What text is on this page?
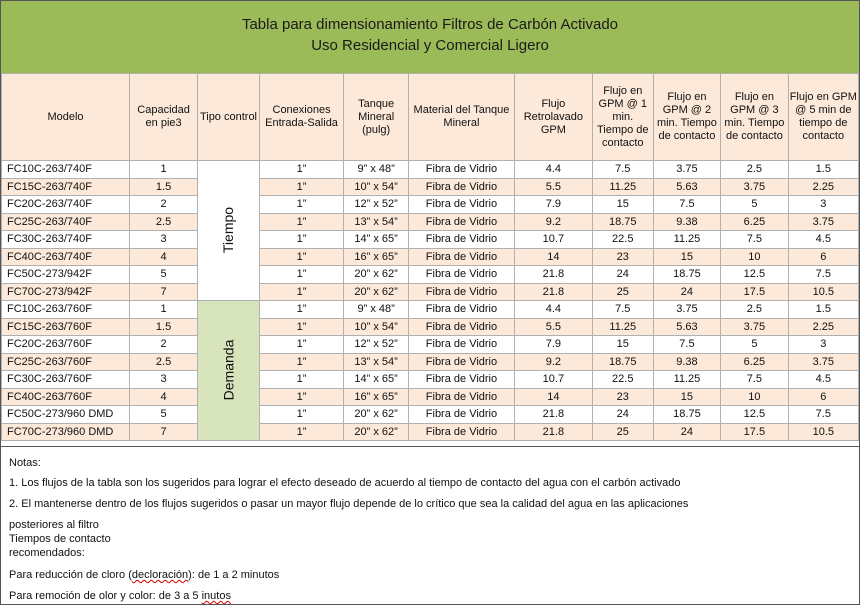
Tabla para dimensionamiento Filtros de Carbón Activado
Uso Residencial y Comercial Ligero
Modelo	Capacidad en pie3	Tipo control	Conexiones Entrada-Salida	Tanque Mineral (pulg)	Material del Tanque Mineral	Flujo Retrolavado GPM	Flujo en GPM @ 1 min. Tiempo de contacto	Flujo en GPM @ 2 min. Tiempo de contacto	Flujo en GPM @ 3 min. Tiempo de contacto	Flujo en GPM @ 5 min de tiempo de contacto
FC10C-263/740F	1	Tiempo	1”	9” x 48”	Fibra de Vidrio	4.4	7.5	3.75	2.5	1.5
FC15C-263/740F	1.5		1”	10” x 54”	Fibra de Vidrio	5.5	11.25	5.63	3.75	2.25
FC20C-263/740F	2		1”	12” x 52”	Fibra de Vidrio	7.9	15	7.5	5	3
FC25C-263/740F	2.5		1”	13” x 54”	Fibra de Vidrio	9.2	18.75	9.38	6.25	3.75
FC30C-263/740F	3		1”	14” x 65”	Fibra de Vidrio	10.7	22.5	11.25	7.5	4.5
FC40C-263/740F	4		1”	16” x 65”	Fibra de Vidrio	14	23	15	10	6
FC50C-273/942F	5		1”	20” x 62”	Fibra de Vidrio	21.8	24	18.75	12.5	7.5
FC70C-273/942F	7		1”	20” x 62”	Fibra de Vidrio	21.8	25	24	17.5	10.5
FC10C-263/760F	1	Demanda	1”	9” x 48”	Fibra de Vidrio	4.4	7.5	3.75	2.5	1.5
FC15C-263/760F	1.5		1”	10” x 54”	Fibra de Vidrio	5.5	11.25	5.63	3.75	2.25
FC20C-263/760F	2		1”	12” x 52”	Fibra de Vidrio	7.9	15	7.5	5	3
FC25C-263/760F	2.5		1”	13” x 54”	Fibra de Vidrio	9.2	18.75	9.38	6.25	3.75
FC30C-263/760F	3		1”	14” x 65”	Fibra de Vidrio	10.7	22.5	11.25	7.5	4.5
FC40C-263/760F	4		1”	16” x 65”	Fibra de Vidrio	14	23	15	10	6
FC50C-273/960 DMD	5		1”	20” x 62”	Fibra de Vidrio	21.8	24	18.75	12.5	7.5
FC70C-273/960 DMD	7		1”	20” x 62”	Fibra de Vidrio	21.8	25	24	17.5	10.5
Notas:
1. Los flujos de la tabla son los sugeridos para lograr el efecto deseado de acuerdo al tiempo de contacto del agua con el carbón activado
2. El mantenerse dentro de los flujos sugeridos o pasar un mayor flujo depende de lo crítico que sea la calidad del agua en las aplicaciones
posteriores al filtro
Tiempos de contacto
recomendados:
Para reducción de cloro (decloración): de 1 a 2 minutos
Para remoción de olor y color: de 3 a 5 inutos
